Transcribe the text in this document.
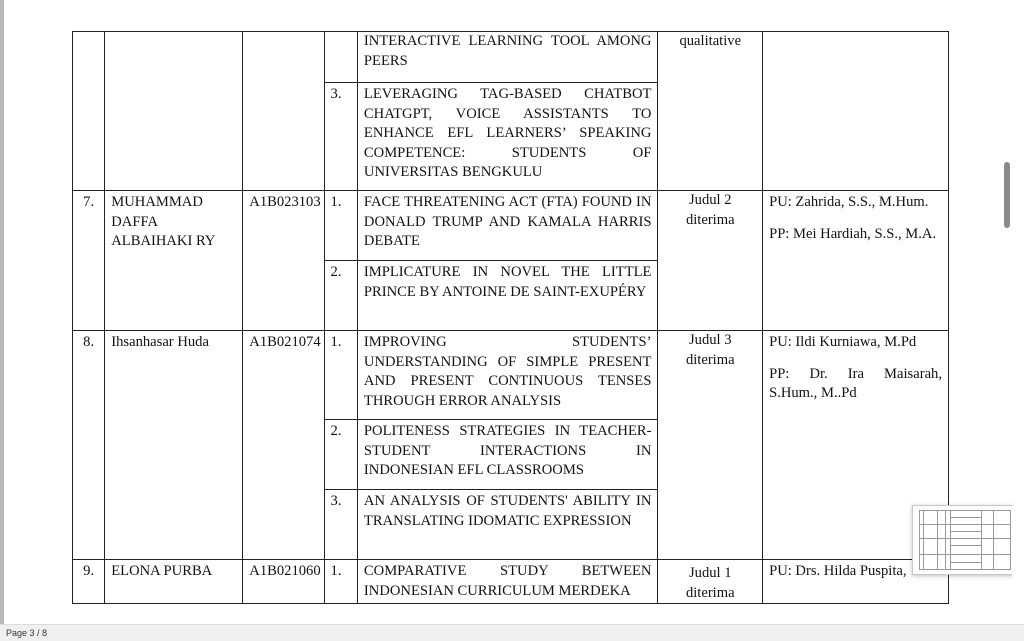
				INTERACTIVE LEARNING TOOL AMONG PEERS	qualitative	
			3.	LEVERAGING TAG-BASED CHATBOT CHATGPT, VOICE ASSISTANTS TO ENHANCE EFL LEARNERS’ SPEAKING COMPETENCE: STUDENTS OF UNIVERSITAS BENGKULU		
7.	MUHAMMAD DAFFA ALBAIHAKI RY	A1B023103	1.	FACE THREATENING ACT (FTA) FOUND IN DONALD TRUMP AND KAMALA HARRIS DEBATE	Judul 2 diterima	PU: Zahrida, S.S., M.Hum.
PP: Mei Hardiah, S.S., M.A.

			2.	IMPLICATURE IN NOVEL THE LITTLE PRINCE BY ANTOINE DE SAINT-EXUPÉRY		
8.	Ihsanhasar Huda	A1B021074	1.	IMPROVING STUDENTS’ UNDERSTANDING OF SIMPLE PRESENT AND PRESENT CONTINUOUS TENSES THROUGH ERROR ANALYSIS	Judul 3 diterima	PU: Ildi Kurniawa, M.Pd
PP: Dr. Ira Maisarah, S.Hum., M..Pd

			2.	POLITENESS STRATEGIES IN TEACHER-STUDENT INTERACTIONS IN INDONESIAN EFL CLASSROOMS		
			3.	AN ANALYSIS OF STUDENTS' ABILITY IN TRANSLATING IDOMATIC EXPRESSION		
9.	ELONA PURBA	A1B021060	1.	COMPARATIVE STUDY BETWEEN INDONESIAN CURRICULUM MERDEKA	Judul 1 diterima	PU: Drs. Hilda Puspita,
Page 3 / 8
